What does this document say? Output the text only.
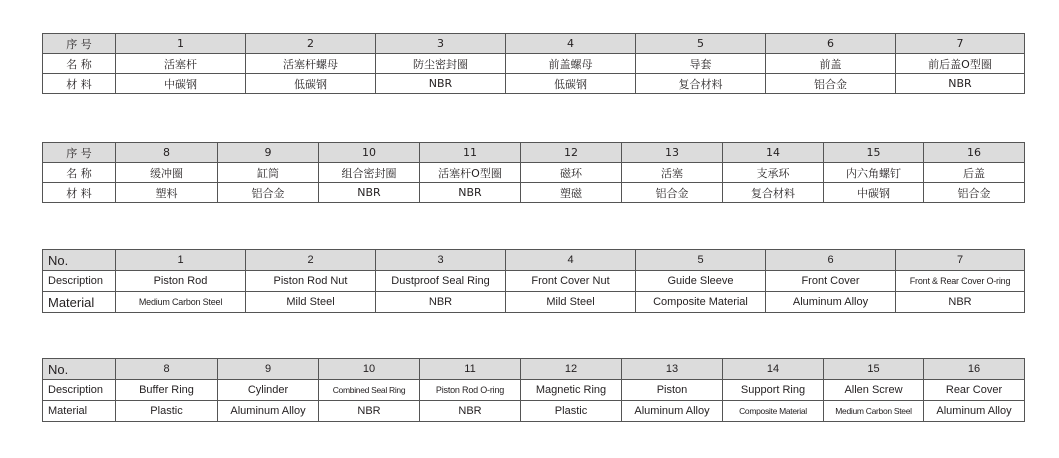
序 号	1	2	3	4	5	6	7
名 称	活塞杆	活塞杆螺母	防尘密封圈	前盖螺母	导套	前盖	前后盖O型圈
材 料	中碳钢	低碳钢	NBR	低碳钢	复合材料	铝合金	NBR
序 号	8	9	10	11	12	13	14	15	16
名 称	缓冲圈	缸筒	组合密封圈	活塞杆O型圈	磁环	活塞	支承环	内六角螺钉	后盖
材 料	塑料	铝合金	NBR	NBR	塑磁	铝合金	复合材料	中碳钢	铝合金
No.	1	2	3	4	5	6	7
Description	Piston Rod	Piston Rod Nut	Dustproof Seal Ring	Front Cover Nut	Guide Sleeve	Front Cover	Front & Rear Cover O-ring
Material	Medium Carbon Steel	Mild Steel	NBR	Mild Steel	Composite Material	Aluminum Alloy	NBR
No.	8	9	10	11	12	13	14	15	16
Description	Buffer Ring	Cylinder	Combined Seal Ring	Piston Rod O-ring	Magnetic Ring	Piston	Support Ring	Allen Screw	Rear Cover
Material	Plastic	Aluminum Alloy	NBR	NBR	Plastic	Aluminum Alloy	Composite Material	Medium Carbon Steel	Aluminum Alloy
